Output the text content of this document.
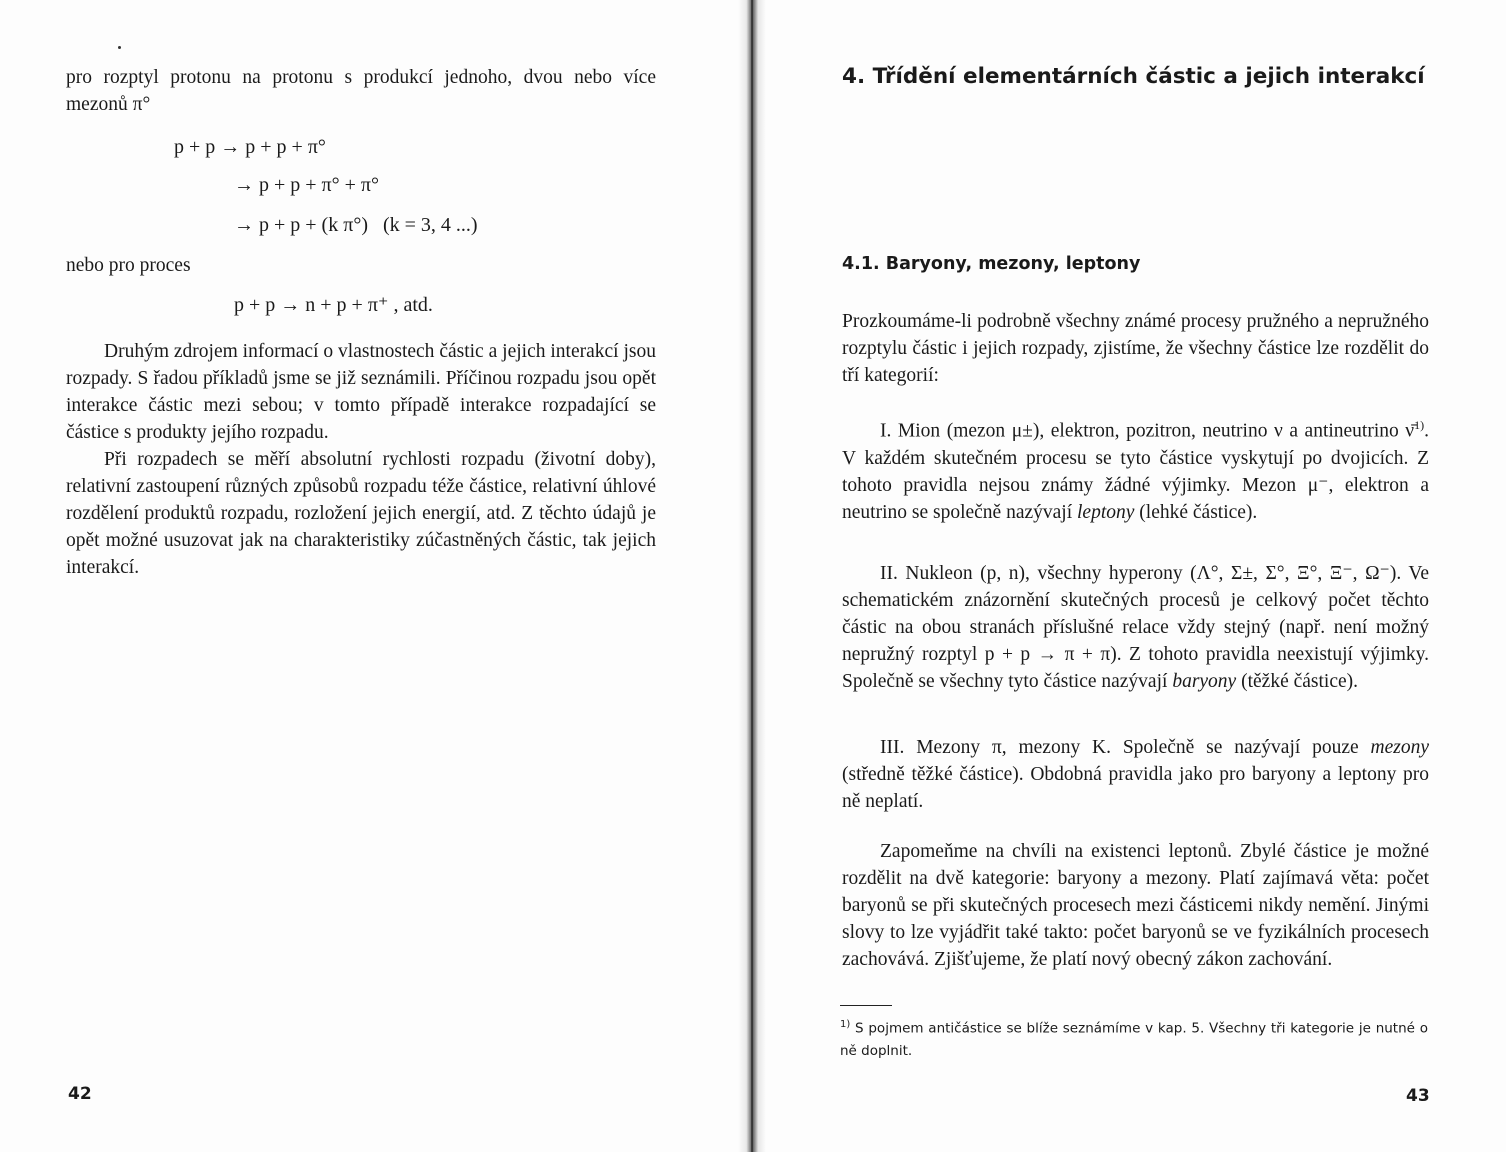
pro rozptyl protonu na protonu s produkcí jednoho, dvou nebo více mezonů π°

p + p → p + p + π°
→ p + p + π° + π°
→ p + p + (k π°)   (k = 3, 4 ...)

nebo pro proces

p + p → n + p + π⁺ , atd.

Druhým zdrojem informací o vlastnostech částic a jejich interakcí jsou rozpady. S řadou příkladů jsme se již seznámili. Příčinou rozpadu jsou opět interakce částic mezi sebou; v tomto případě interakce rozpadající se částice s produkty jejího rozpadu.

Při rozpadech se měří absolutní rychlosti rozpadu (životní doby), relativní zastoupení různých způsobů rozpadu téže částice, relativní úhlové rozdělení produktů rozpadu, rozložení jejich energií, atd. Z těchto údajů je opět možné usuzovat jak na charakteristiky zúčastněných částic, tak jejich interakcí.

42
4. Třídění elementárních částic a jejich interakcí
4.1. Baryony, mezony, leptony

Prozkoumáme-li podrobně všechny známé procesy pružného a nepružného rozptylu částic i jejich rozpady, zjistíme, že všechny částice lze rozdělit do tří kategorií:

I. Mion (mezon μ±), elektron, pozitron, neutrino ν a antineutrino ν̄$^{1)}$. V každém skutečném procesu se tyto částice vyskytují po dvojicích. Z tohoto pravidla nejsou známy žádné výjimky. Mezon μ⁻, elektron a neutrino se společně nazývají leptony (lehké částice).

II. Nukleon (p, n), všechny hyperony (Λ°, Σ±, Σ°, Ξ°, Ξ⁻, Ω⁻). Ve schematickém znázornění skutečných procesů je celkový počet těchto částic na obou stranách příslušné relace vždy stejný (např. není možný nepružný rozptyl p + p → π + π). Z tohoto pravidla neexistují výjimky. Společně se všechny tyto částice nazývají baryony (těžké částice).

III. Mezony π, mezony K. Společně se nazývají pouze mezony (středně těžké částice). Obdobná pravidla jako pro baryony a leptony pro ně neplatí.

Zapomeňme na chvíli na existenci leptonů. Zbylé částice je možné rozdělit na dvě kategorie: baryony a mezony. Platí zajímavá věta: počet baryonů se při skutečných procesech mezi částicemi nikdy nemění. Jinými slovy to lze vyjádřit také takto: počet baryonů se ve fyzikálních procesech zachovává. Zjišťujeme, že platí nový obecný zákon zachování.

$^{1)}$ S pojmem antičástice se blíže seznámíme v kap. 5. Všechny tři kategorie je nutné o ně doplnit.
43
